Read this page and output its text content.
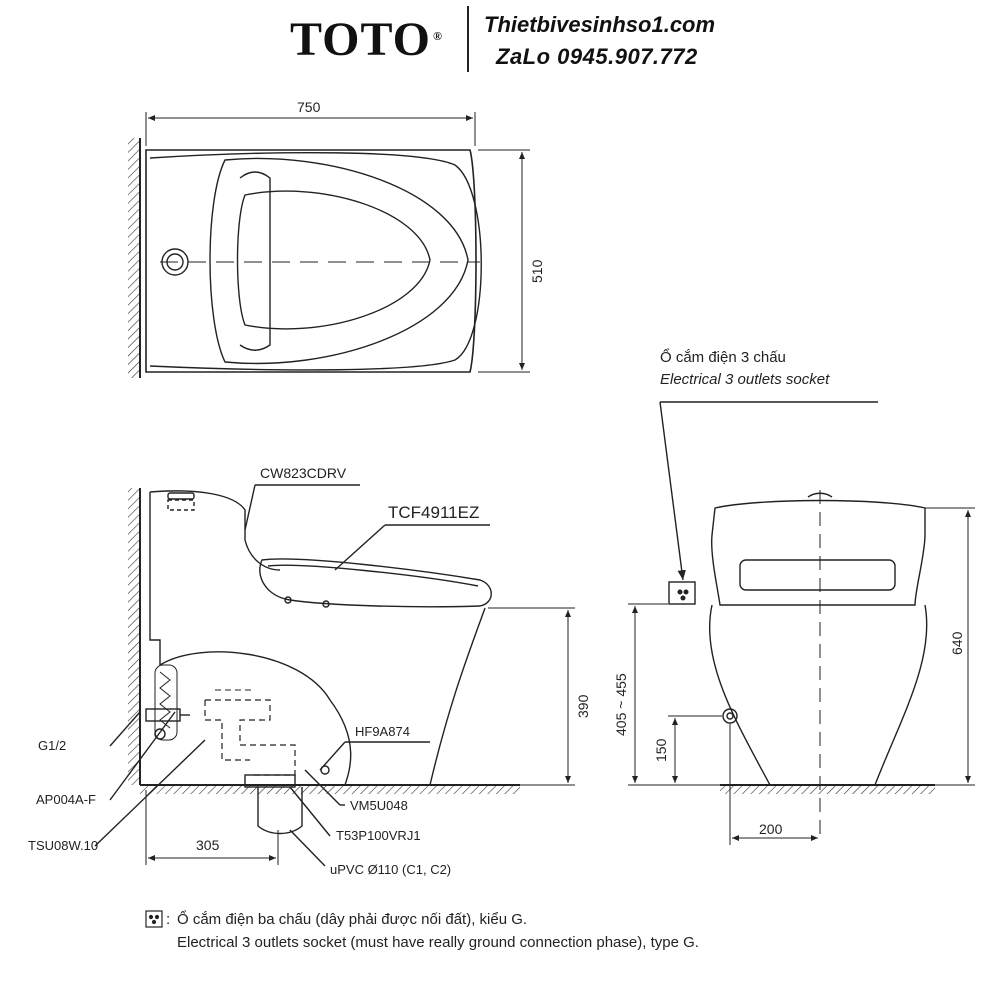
TOTO ® Thietbivesinhso1.com
ZaLo 0945.907.772
750
510
CW823CDRV
TCF4911EZ
390
G1/2
AP004A-F
TSU08W.10
HF9A874
VM5U048
T53P100VRJ1
uPVC Ø110 (C1, C2)
305
Ổ cắm điện 3 chấu
Electrical 3 outlets socket
405 ~ 455
150
640
200
: Ổ cắm điện ba chấu (dây phải được nối đất), kiểu G.
Electrical 3 outlets socket (must have really ground connection phase), type G.
